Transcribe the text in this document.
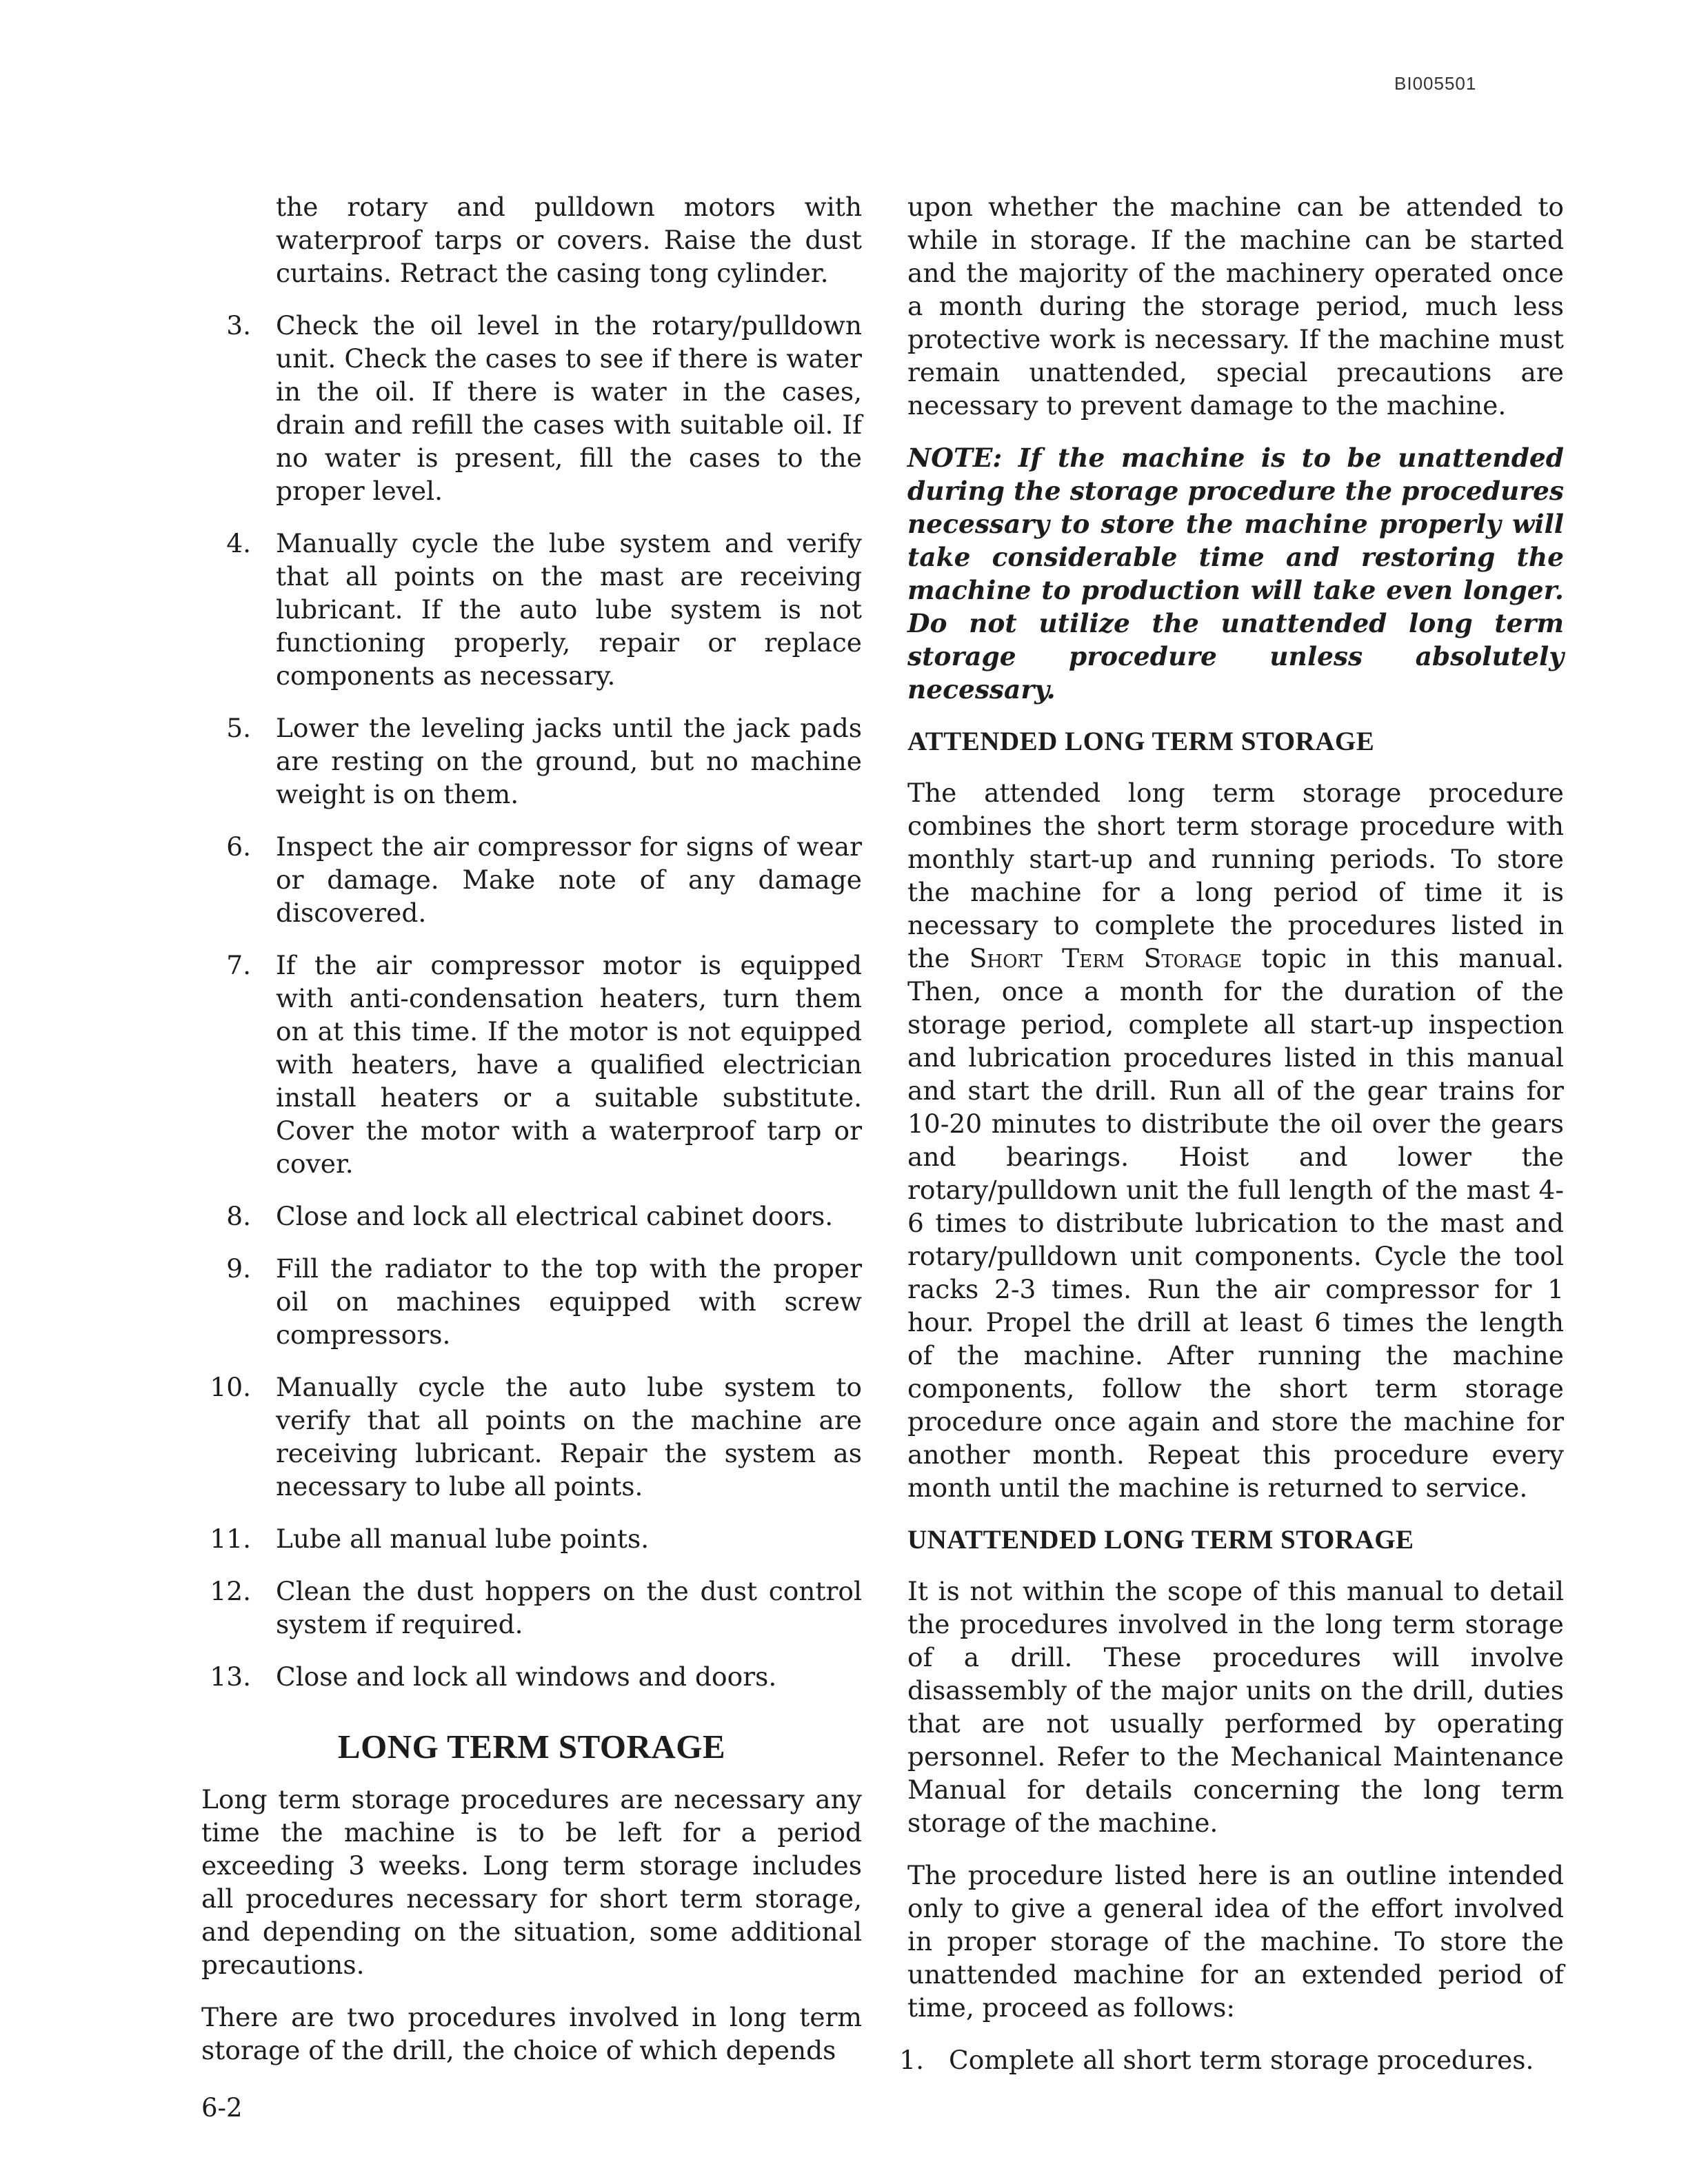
BI005501

the rotary and pulldown motors with waterproof tarps or covers. Raise the dust curtains. Retract the casing tong cylinder.

3. Check the oil level in the rotary/pulldown unit. Check the cases to see if there is water in the oil. If there is water in the cases, drain and refill the cases with suitable oil. If no water is present, fill the cases to the proper level.
4. Manually cycle the lube system and verify that all points on the mast are receiving lubricant. If the auto lube system is not functioning properly, repair or replace components as necessary.
5. Lower the leveling jacks until the jack pads are resting on the ground, but no machine weight is on them.
6. Inspect the air compressor for signs of wear or damage. Make note of any damage discovered.
7. If the air compressor motor is equipped with anti-condensation heaters, turn them on at this time. If the motor is not equipped with heaters, have a qualified electrician install heaters or a suitable substitute. Cover the motor with a waterproof tarp or cover.
8. Close and lock all electrical cabinet doors.
9. Fill the radiator to the top with the proper oil on machines equipped with screw compressors.
10. Manually cycle the auto lube system to verify that all points on the machine are receiving lubricant. Repair the system as necessary to lube all points.
11. Lube all manual lube points.
12. Clean the dust hoppers on the dust control system if required.
13. Close and lock all windows and doors.
LONG TERM STORAGE

Long term storage procedures are necessary any time the machine is to be left for a period exceeding 3 weeks. Long term storage includes all procedures necessary for short term storage, and depending on the situation, some additional precautions.

There are two procedures involved in long term storage of the drill, the choice of which depends

upon whether the machine can be attended to while in storage. If the machine can be started and the majority of the machinery operated once a month during the storage period, much less protective work is necessary. If the machine must remain unattended, special precautions are necessary to prevent damage to the machine.

NOTE: If the machine is to be unattended during the storage procedure the procedures necessary to store the machine properly will take considerable time and restoring the machine to production will take even longer. Do not utilize the unattended long term storage procedure unless absolutely necessary.

ATTENDED LONG TERM STORAGE

The attended long term storage procedure combines the short term storage procedure with monthly start-up and running periods. To store the machine for a long period of time it is necessary to complete the procedures listed in the Short Term Storage topic in this manual. Then, once a month for the duration of the storage period, complete all start-up inspection and lubrication procedures listed in this manual and start the drill. Run all of the gear trains for 10-20 minutes to distribute the oil over the gears and bearings. Hoist and lower the rotary/pulldown unit the full length of the mast 4-6 times to distribute lubrication to the mast and rotary/pulldown unit components. Cycle the tool racks 2-3 times. Run the air compressor for 1 hour. Propel the drill at least 6 times the length of the machine. After running the machine components, follow the short term storage procedure once again and store the machine for another month. Repeat this procedure every month until the machine is returned to service.

UNATTENDED LONG TERM STORAGE

It is not within the scope of this manual to detail the procedures involved in the long term storage of a drill. These procedures will involve disassembly of the major units on the drill, duties that are not usually performed by operating personnel. Refer to the Mechanical Maintenance Manual for details concerning the long term storage of the machine.

The procedure listed here is an outline intended only to give a general idea of the effort involved in proper storage of the machine. To store the unattended machine for an extended period of time, proceed as follows:

1. Complete all short term storage procedures.
6-2
